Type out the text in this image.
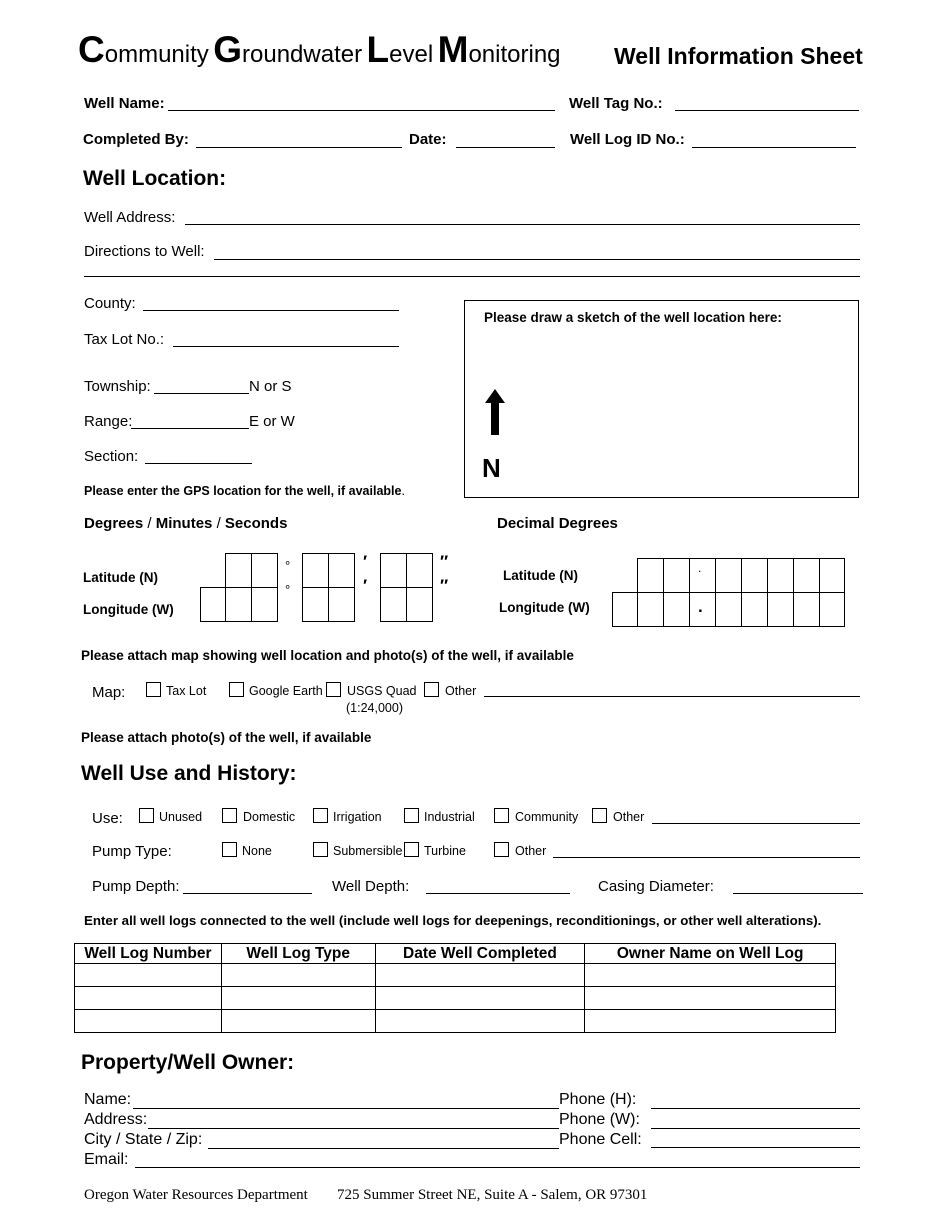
Community Groundwater Level Monitoring Well Information Sheet
Well Name:	Well Tag No.:
Completed By:	Date:	Well Log ID No.:
Well Location:
Well Address:
Directions to Well:
County:
Tax Lot No.:
Township:	N or S
Range:	E or W
Section:
Please enter the GPS location for the well, if available.
Please draw a sketch of the well location here:
N
Degrees / Minutes / Seconds	Decimal Degrees
Latitude (N)
Longitude (W)
°
°
′
′
″
″
Latitude (N)
Longitude (W)
.
.
Please attach map showing well location and photo(s) of the well, if available
Map:	Tax Lot	Google Earth USGS Quad
(1:24,000)
Other
Please attach photo(s) of the well, if available
Well Use and History:
Use:	Unused	Domestic	Irrigation	Industrial	Community	Other
Pump Type:	None	Submersible Turbine	Other
Pump Depth:	Well Depth:	Casing Diameter:
Enter all well logs connected to the well (include well logs for deepenings, reconditionings, or other well alterations).
Well Log Number	Well Log Type	Date Well Completed	Owner Name on Well Log

Property/Well Owner:
Name:
Address:
City / State / Zip:
Email:
Phone (H):
Phone (W):
Phone Cell:
Oregon Water Resources Department 725 Summer Street NE, Suite A - Salem, OR 97301
